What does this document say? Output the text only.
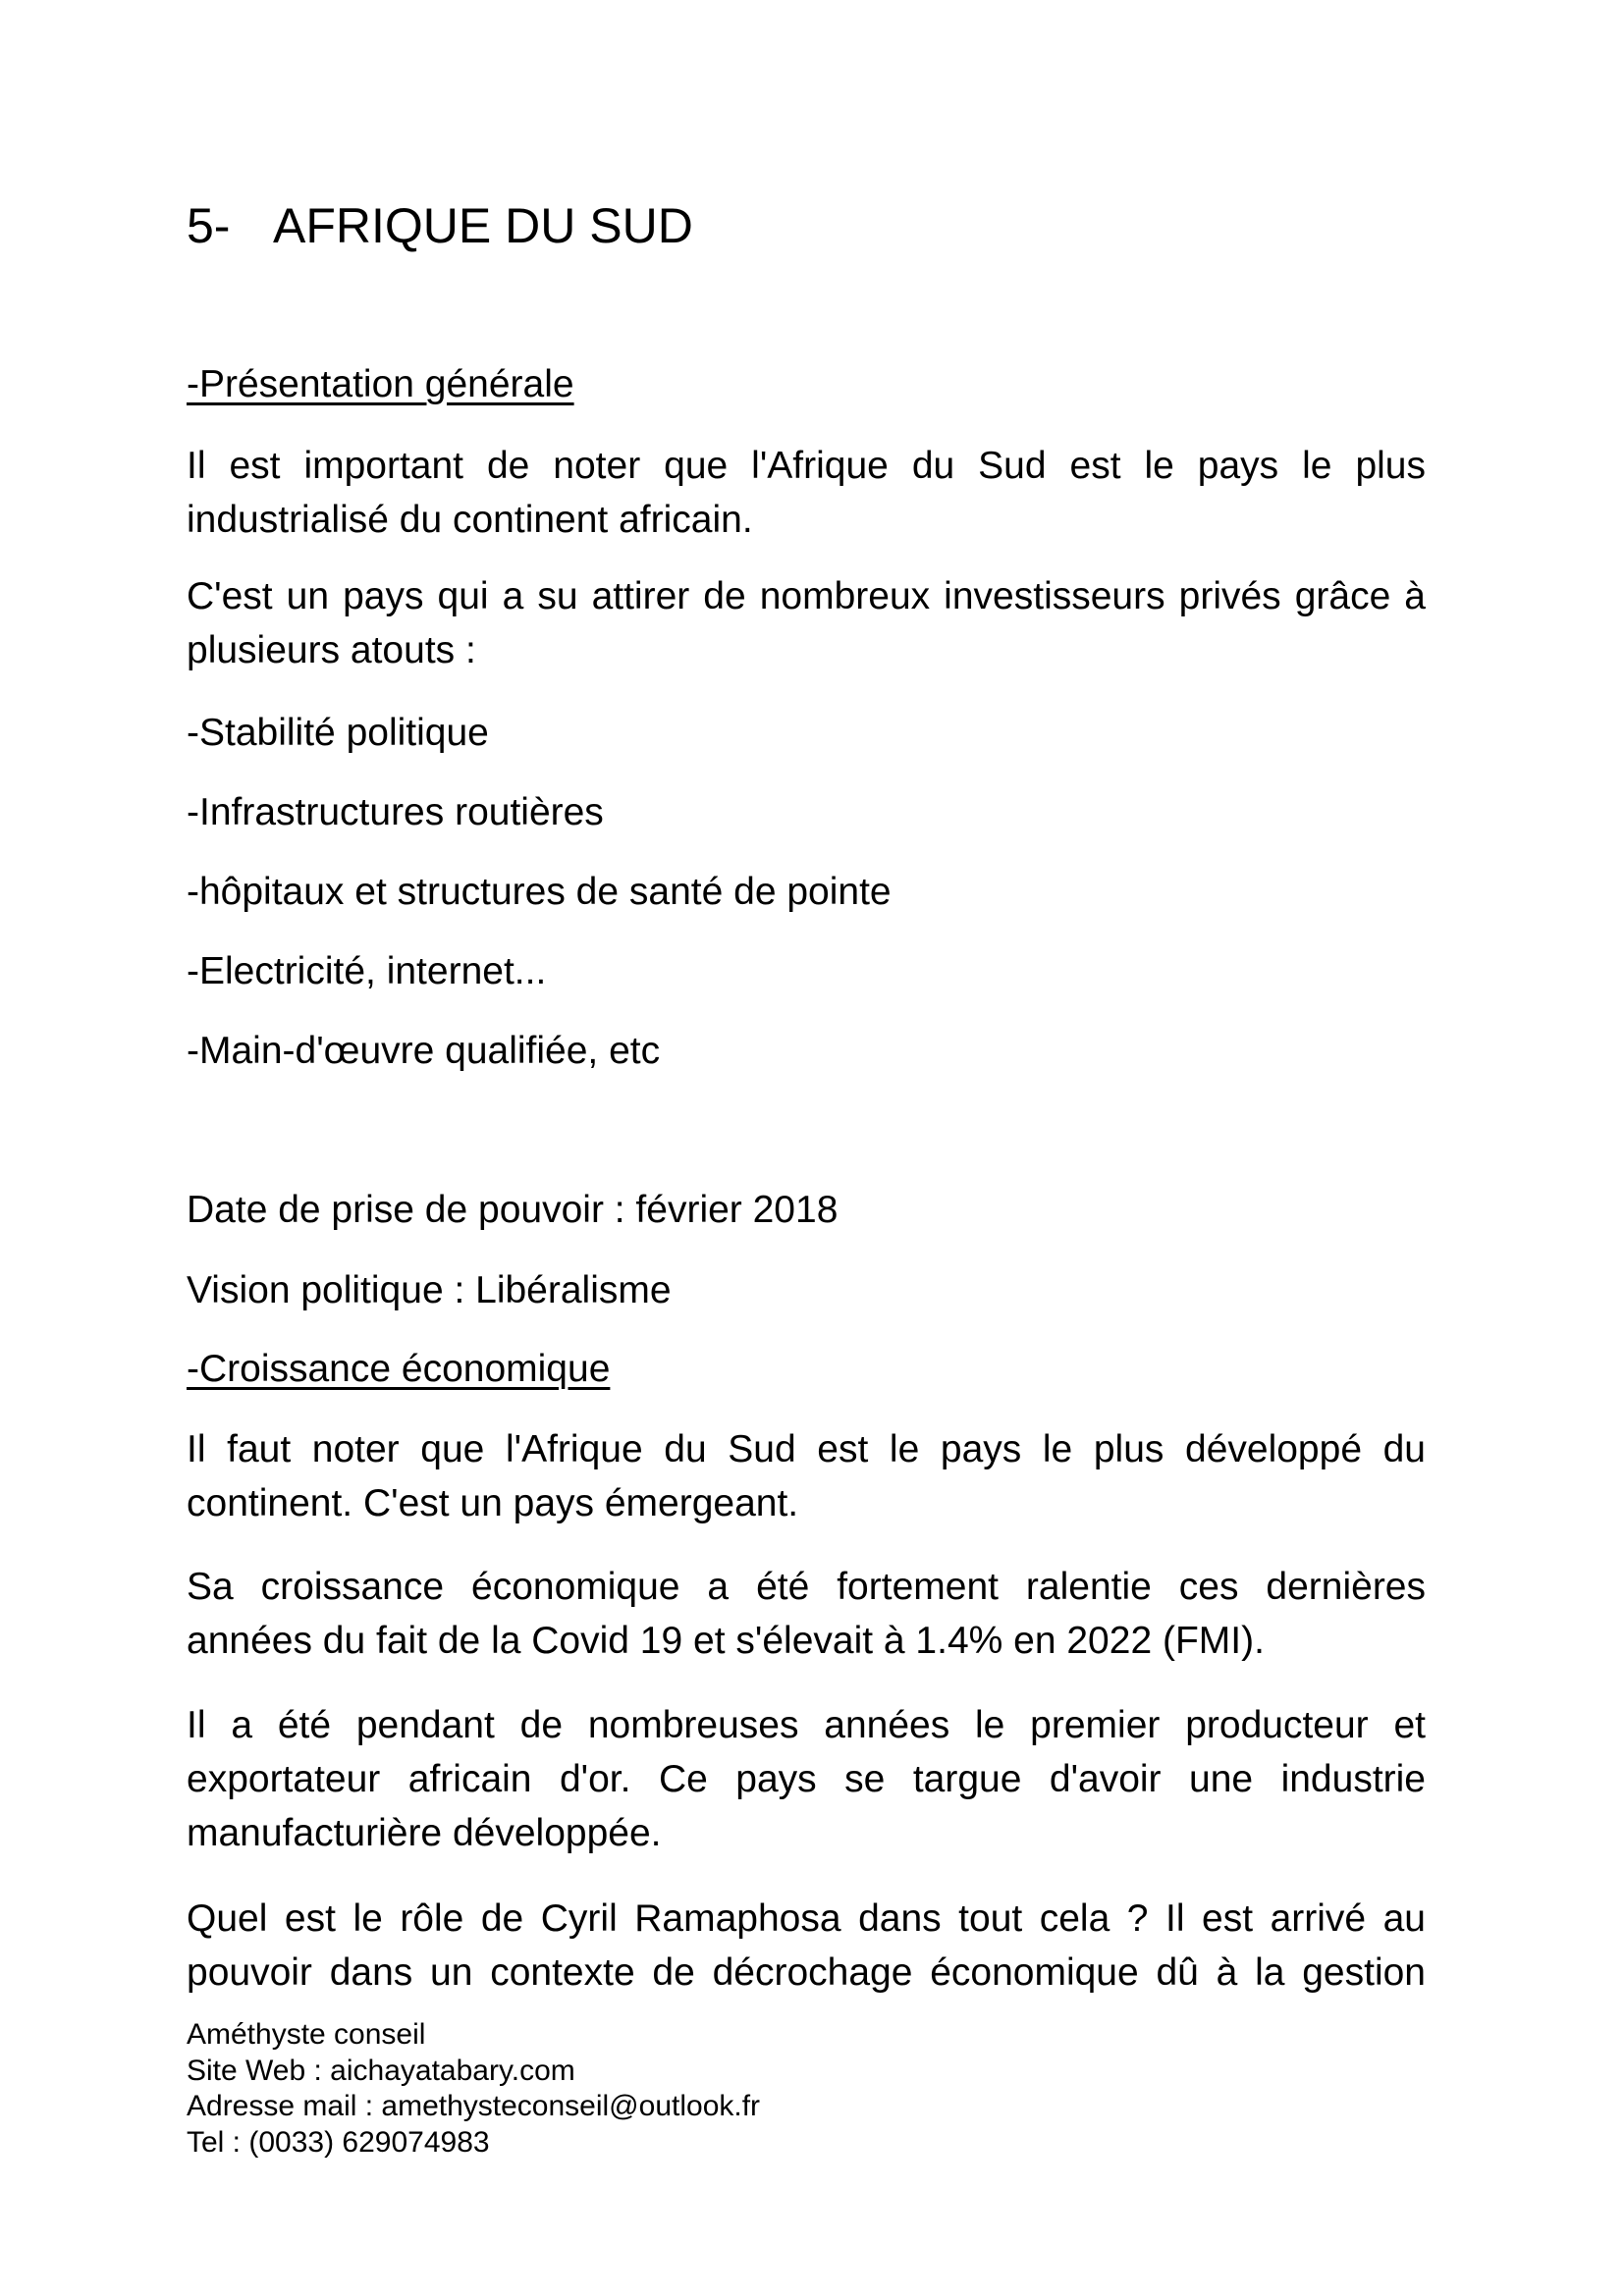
5- AFRIQUE DU SUD
-Présentation générale
Il est important de noter que l'Afrique du Sud est le pays le plus
industrialisé du continent africain.
C'est un pays qui a su attirer de nombreux investisseurs privés grâce à
plusieurs atouts :
-Stabilité politique
-Infrastructures routières
-hôpitaux et structures de santé de pointe
-Electricité, internet...
-Main-d'œuvre qualifiée, etc
Date de prise de pouvoir : février 2018
Vision politique : Libéralisme
-Croissance économique
Il faut noter que l'Afrique du Sud est le pays le plus développé du
continent. C'est un pays émergeant.
Sa croissance économique a été fortement ralentie ces dernières
années du fait de la Covid 19 et s'élevait à 1.4% en 2022 (FMI).
Il a été pendant de nombreuses années le premier producteur et
exportateur africain d'or. Ce pays se targue d'avoir une industrie
manufacturière développée.
Quel est le rôle de Cyril Ramaphosa dans tout cela ? Il est arrivé au
pouvoir dans un contexte de décrochage économique dû à la gestion
Améthyste conseil
Site Web : aichayatabary.com
Adresse mail : amethysteconseil@outlook.fr
Tel : (0033) 629074983
